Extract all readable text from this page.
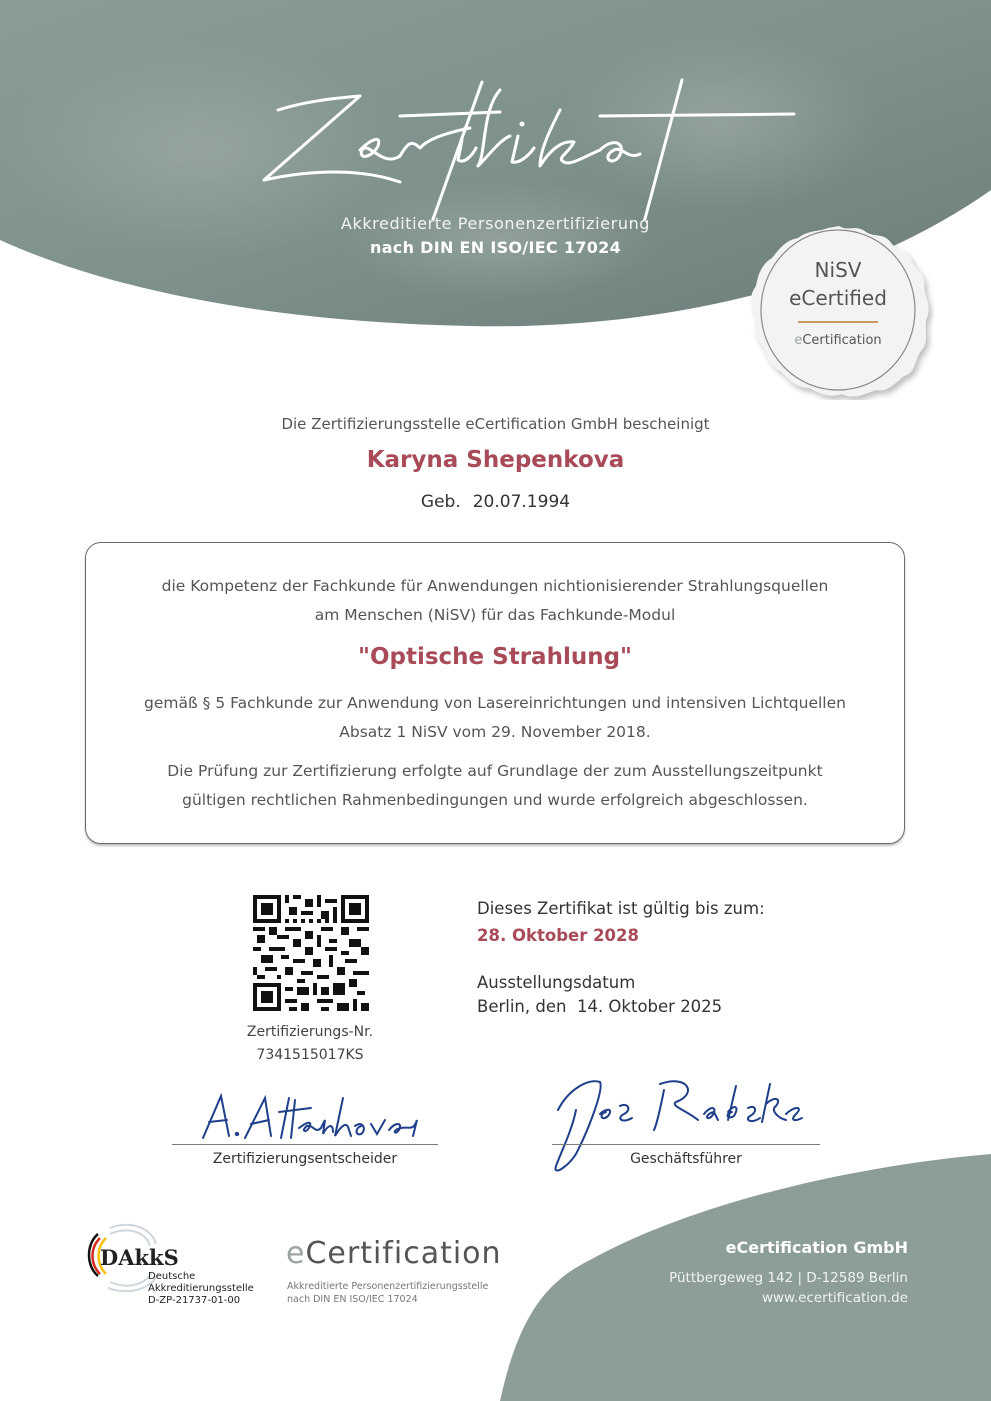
Akkreditierte Personenzertifizierung
nach DIN EN ISO/IEC 17024
NiSV
eCertified
eCertification
Die Zertifizierungsstelle eCertification GmbH bescheinigt
Karyna Shepenkova
Geb. 20.07.1994
die Kompetenz der Fachkunde für Anwendungen nichtionisierender Strahlungsquellen
am Menschen (NiSV) für das Fachkunde-Modul
"Optische Strahlung"
gemäß § 5 Fachkunde zur Anwendung von Lasereinrichtungen und intensiven Lichtquellen
Absatz 1 NiSV vom 29. November 2018.
Die Prüfung zur Zertifizierung erfolgte auf Grundlage der zum Ausstellungszeitpunkt
gültigen rechtlichen Rahmenbedingungen und wurde erfolgreich abgeschlossen.
Zertifizierungs-Nr.
7341515017KS
Dieses Zertifikat ist gültig bis zum:
28. Oktober 2028
Ausstellungsdatum
Berlin, den  14. Oktober 2025
Zertifizierungsentscheider	Geschäftsführer
DAkkS
Deutsche
Akkreditierungsstelle
D-ZP-21737-01-00
eCertification
Akkreditierte Personenzertifizierungsstelle
nach DIN EN ISO/IEC 17024
eCertification GmbH
Püttbergeweg 142 | D-12589 Berlin
www.ecertification.de
